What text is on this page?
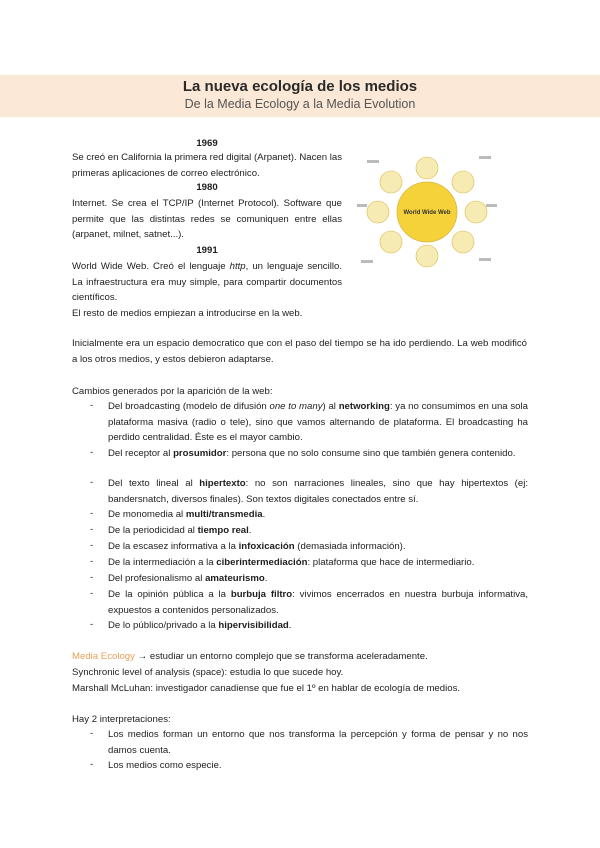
La nueva ecología de los medios
De la Media Ecology a la Media Evolution
1969
Se creó en California la primera red digital (Arpanet). Nacen las primeras aplicaciones de correo electrónico.
1980
Internet. Se crea el TCP/IP (Internet Protocol). Software que permite que las distintas redes se comuniquen entre ellas (arpanet, milnet, satnet...).
1991
World Wide Web. Creó el lenguaje http, un lenguaje sencillo. La infraestructura era muy simple, para compartir documentos científicos.
El resto de medios empiezan a introducirse en la web.
World Wide Web
Inicialmente era un espacio democratico que con el paso del tiempo se ha ido perdiendo. La web modificó a los otros medios, y estos debieron adaptarse.
Cambios generados por la aparición de la web:
- Del broadcasting (modelo de difusión one to many) al networking: ya no consumimos en una sola plataforma masiva (radio o tele), sino que vamos alternando de plataforma. El broadcasting ha perdido centralidad. Éste es el mayor cambio.
- Del receptor al prosumidor: persona que no solo consume sino que también genera contenido.
- Del texto lineal al hipertexto: no son narraciones lineales, sino que hay hipertextos (ej: bandersnatch, diversos finales). Son textos digitales conectados entre sí.
- De monomedia al multi/transmedia.
- De la periodicidad al tiempo real.
- De la escasez informativa a la infoxicación (demasiada información).
- De la intermediación a la ciberintermediación: plataforma que hace de intermediario.
- Del profesionalismo al amateurismo.
- De la opinión pública a la burbuja filtro: vivimos encerrados en nuestra burbuja informativa, expuestos a contenidos personalizados.
- De lo público/privado a la hipervisibilidad.
Media Ecology → estudiar un entorno complejo que se transforma aceleradamente.
Synchronic level of analysis (space): estudia lo que sucede hoy.
Marshall McLuhan: investigador canadiense que fue el 1º en hablar de ecología de medios.
Hay 2 interpretaciones:
- Los medios forman un entorno que nos transforma la percepción y forma de pensar y no nos damos cuenta.
- Los medios como especie.
